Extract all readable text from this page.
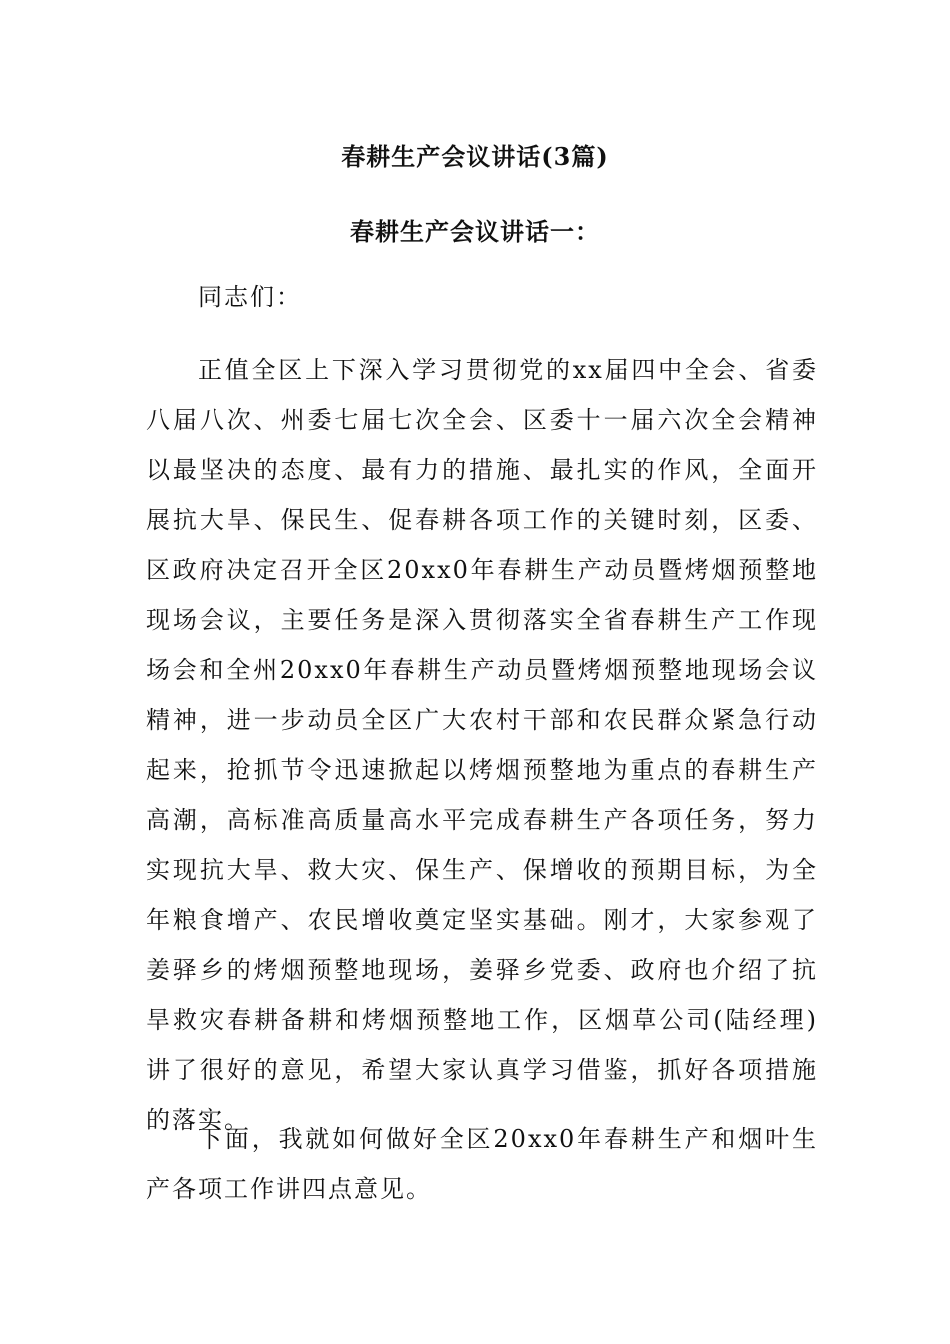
春耕生产会议讲话(3篇)
春耕生产会议讲话一：

同志们：

正值全区上下深入学习贯彻党的xx届四中全会、省委八届八次、州委七届七次全会、区委十一届六次全会精神以最坚决的态度、最有力的措施、最扎实的作风，全面开展抗大旱、保民生、促春耕各项工作的关键时刻，区委、区政府决定召开全区20xx0年春耕生产动员暨烤烟预整地现场会议，主要任务是深入贯彻落实全省春耕生产工作现场会和全州20xx0年春耕生产动员暨烤烟预整地现场会议精神，进一步动员全区广大农村干部和农民群众紧急行动起来，抢抓节令迅速掀起以烤烟预整地为重点的春耕生产高潮，高标准高质量高水平完成春耕生产各项任务，努力实现抗大旱、救大灾、保生产、保增收的预期目标，为全年粮食增产、农民增收奠定坚实基础。刚才，大家参观了姜驿乡的烤烟预整地现场，姜驿乡党委、政府也介绍了抗旱救灾春耕备耕和烤烟预整地工作，区烟草公司(陆经理)讲了很好的意见，希望大家认真学习借鉴，抓好各项措施的落实。

下面，我就如何做好全区20xx0年春耕生产和烟叶生产各项工作讲四点意见。
